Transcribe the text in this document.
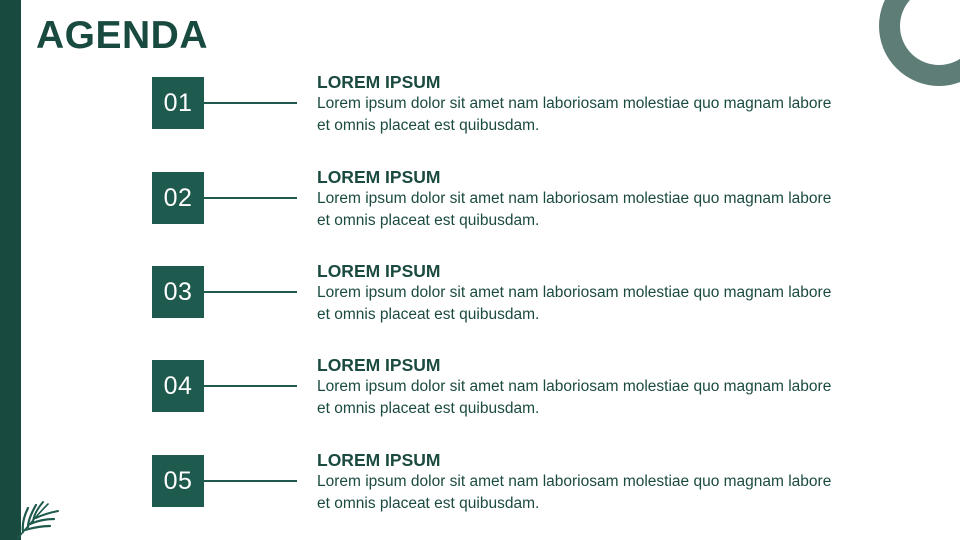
AGENDA
01

LOREM IPSUM

Lorem ipsum dolor sit amet nam laboriosam molestiae quo magnam labore et omnis placeat est quibusdam.

02

LOREM IPSUM

Lorem ipsum dolor sit amet nam laboriosam molestiae quo magnam labore et omnis placeat est quibusdam.

03

LOREM IPSUM

Lorem ipsum dolor sit amet nam laboriosam molestiae quo magnam labore et omnis placeat est quibusdam.

04

LOREM IPSUM

Lorem ipsum dolor sit amet nam laboriosam molestiae quo magnam labore et omnis placeat est quibusdam.

05

LOREM IPSUM

Lorem ipsum dolor sit amet nam laboriosam molestiae quo magnam labore et omnis placeat est quibusdam.
